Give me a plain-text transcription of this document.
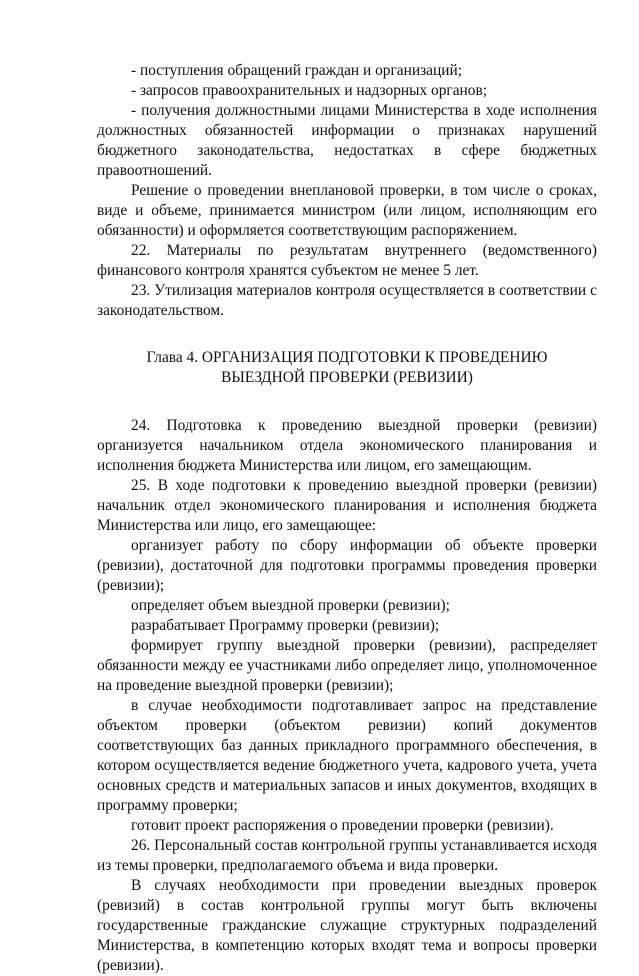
- поступления обращений граждан и организаций;

- запросов правоохранительных и надзорных органов;

- получения должностными лицами Министерства в ходе исполнения должностных обязанностей информации о признаках нарушений бюджетного законодательства, недостатках в сфере бюджетных правоотношений.

Решение о проведении внеплановой проверки, в том числе о сроках, виде и объеме, принимается министром (или лицом, исполняющим его обязанности) и оформляется соответствующим распоряжением.

22. Материалы по результатам внутреннего (ведомственного) финансового контроля хранятся субъектом не менее 5 лет.

23. Утилизация материалов контроля осуществляется в соответствии с законодательством.

Глава 4. ОРГАНИЗАЦИЯ ПОДГОТОВКИ К ПРОВЕДЕНИЮ
ВЫЕЗДНОЙ ПРОВЕРКИ (РЕВИЗИИ)

24. Подготовка к проведению выездной проверки (ревизии) организуется начальником отдела экономического планирования и исполнения бюджета Министерства или лицом, его замещающим.

25. В ходе подготовки к проведению выездной проверки (ревизии) начальник отдел экономического планирования и исполнения бюджета Министерства или лицо, его замещающее:

организует работу по сбору информации об объекте проверки (ревизии), достаточной для подготовки программы проведения проверки (ревизии);

определяет объем выездной проверки (ревизии);

разрабатывает Программу проверки (ревизии);

формирует группу выездной проверки (ревизии), распределяет обязанности между ее участниками либо определяет лицо, уполномоченное на проведение выездной проверки (ревизии);

в случае необходимости подготавливает запрос на представление объектом проверки (объектом ревизии) копий документов соответствующих баз данных прикладного программного обеспечения, в котором осуществляется ведение бюджетного учета, кадрового учета, учета основных средств и материальных запасов и иных документов, входящих в программу проверки;

готовит проект распоряжения о проведении проверки (ревизии).

26. Персональный состав контрольной группы устанавливается исходя из темы проверки, предполагаемого объема и вида проверки.

В случаях необходимости при проведении выездных проверок (ревизий) в состав контрольной группы могут быть включены государственные гражданские служащие структурных подразделений Министерства, в компетенцию которых входят тема и вопросы проверки (ревизии).
